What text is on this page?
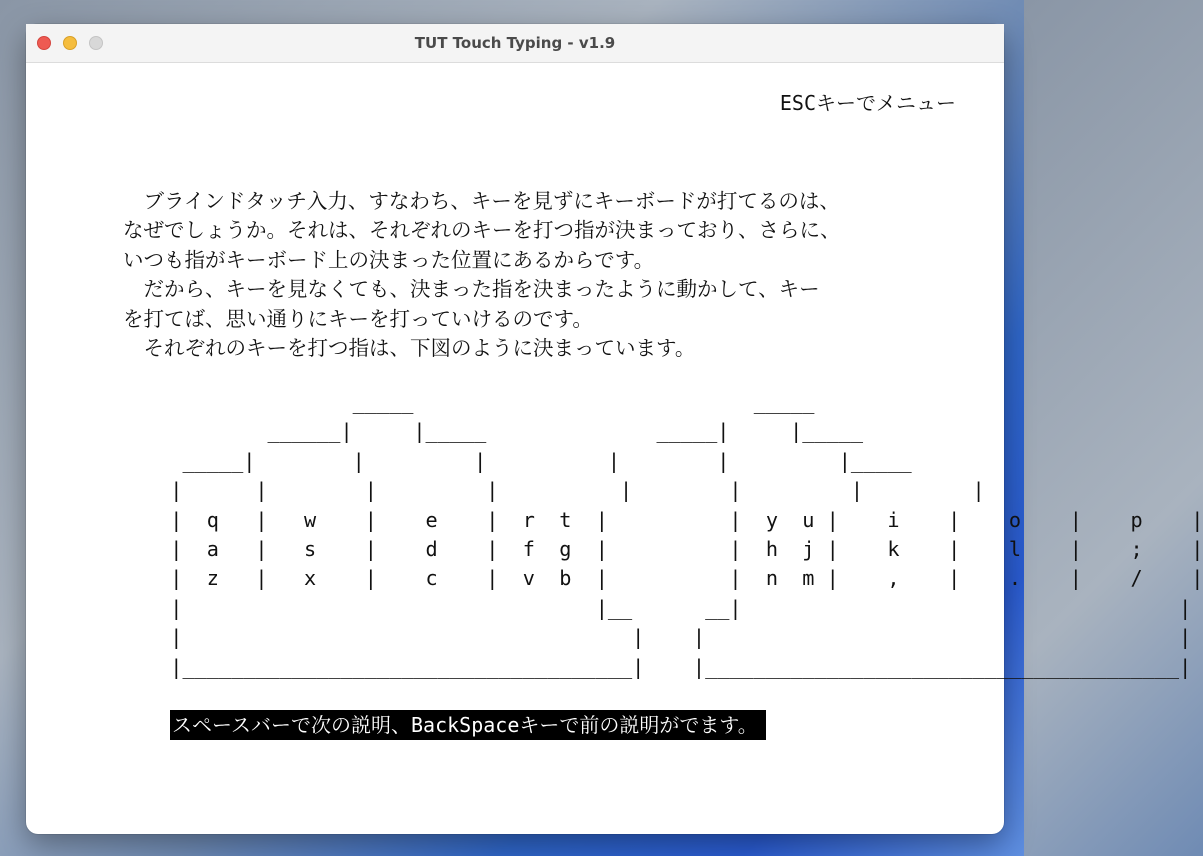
TUT Touch Typing - v1.9
ESCキーでメニュー
　ブラインドタッチ入力、すなわち、キーを見ずにキーボードが打てるのは、
なぜでしょうか。それは、それぞれのキーを打つ指が決まっており、さらに、
いつも指がキーボード上の決まった位置にあるからです。
　だから、キーを見なくても、決まった指を決まったように動かして、キー
を打てば、思い通りにキーを打っていけるのです。
　それぞれのキーを打つ指は、下図のように決まっています。
_____                            _____
______|     |_____              _____|     |_____
_____|        |         |          |        |         |_____
|      |        |         |          |        |         |         |
|  q   |   w    |    e    |  r  t  |          |  y  u |    i    |    o    |    p    |
|  a   |   s    |    d    |  f  g  |          |  h  j |    k    |    l    |    ;    |
|  z   |   x    |    c    |  v  b  |          |  n  m |    ,    |    .    |    /    |
|                                  |__      __|                                    |
|                                     |    |                                       |
|_____________________________________|    |_______________________________________|
スペースバーで次の説明、BackSpaceキーで前の説明がでます。
